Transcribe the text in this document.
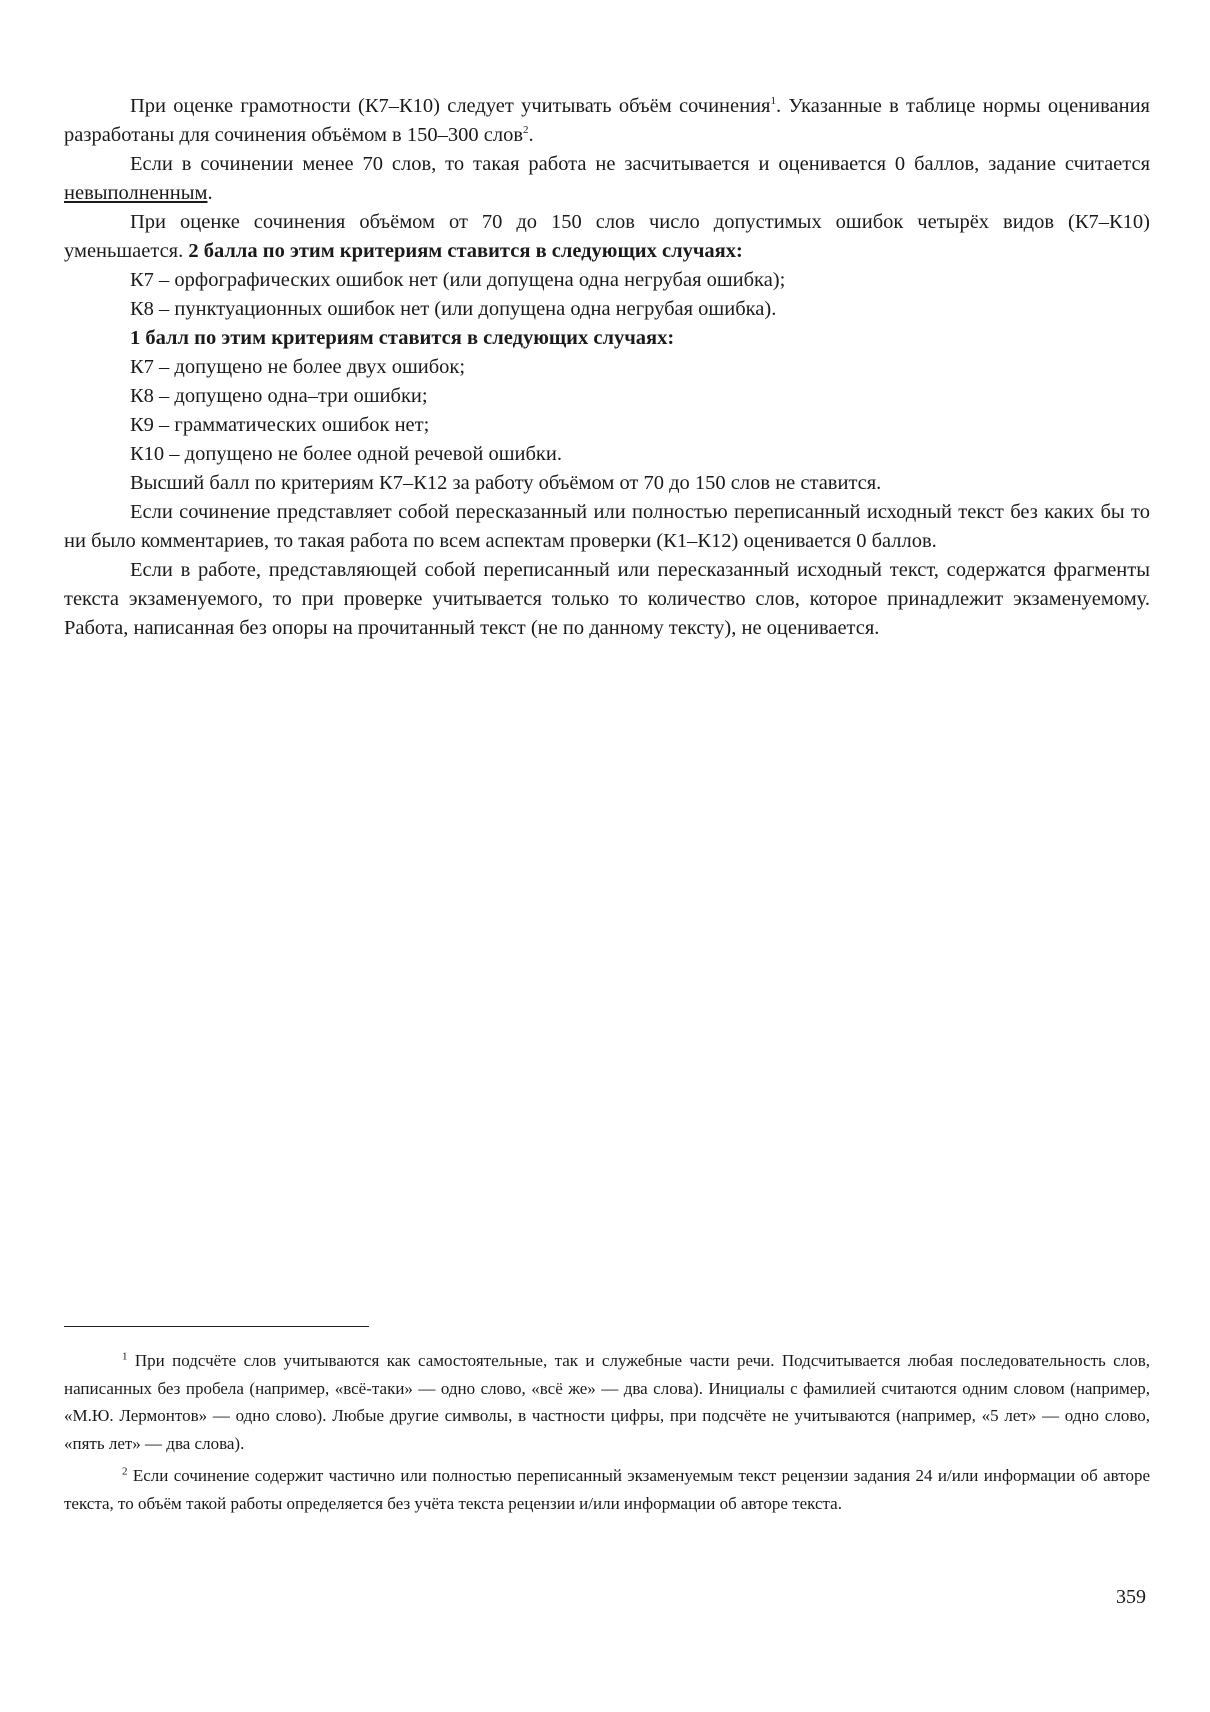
При оценке грамотности (К7–К10) следует учитывать объём сочинения$^1$. Указанные в таблице нормы оценивания разработаны для сочинения объёмом в 150–300 слов$^2$.

Если в сочинении менее 70 слов, то такая работа не засчитывается и оценивается 0 баллов, задание считается невыполненным.

При оценке сочинения объёмом от 70 до 150 слов число допустимых ошибок четырёх видов (К7–К10) уменьшается. 2 балла по этим критериям ставится в следующих случаях:

К7 – орфографических ошибок нет (или допущена одна негрубая ошибка);

К8 – пунктуационных ошибок нет (или допущена одна негрубая ошибка).

1 балл по этим критериям ставится в следующих случаях:

К7 – допущено не более двух ошибок;

К8 – допущено одна–три ошибки;

К9 – грамматических ошибок нет;

К10 – допущено не более одной речевой ошибки.

Высший балл по критериям К7–К12 за работу объёмом от 70 до 150 слов не ставится.

Если сочинение представляет собой пересказанный или полностью переписанный исходный текст без каких бы то ни было комментариев, то такая работа по всем аспектам проверки (К1–К12) оценивается 0 баллов.

Если в работе, представляющей собой переписанный или пересказанный исходный текст, содержатся фрагменты текста экзаменуемого, то при проверке учитывается только то количество слов, которое принадлежит экзаменуемому. Работа, написанная без опоры на прочитанный текст (не по данному тексту), не оценивается.

$^1$ При подсчёте слов учитываются как самостоятельные, так и служебные части речи. Подсчитывается любая последовательность слов, написанных без пробела (например, «всё-таки» — одно слово, «всё же» — два слова). Инициалы с фамилией считаются одним словом (например, «М.Ю. Лермонтов» — одно слово). Любые другие символы, в частности цифры, при подсчёте не учитываются (например, «5 лет» — одно слово, «пять лет» — два слова).

$^2$ Если сочинение содержит частично или полностью переписанный экзаменуемым текст рецензии задания 24 и/или информации об авторе текста, то объём такой работы определяется без учёта текста рецензии и/или информации об авторе текста.

359
